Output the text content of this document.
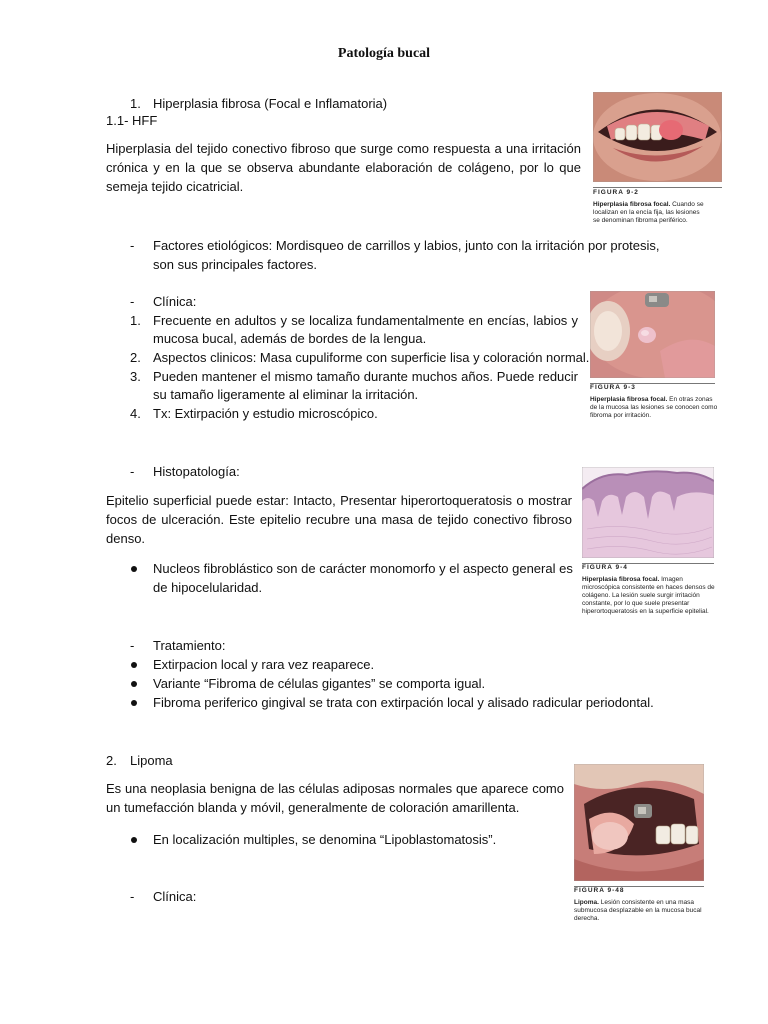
Patología bucal
1. Hiperplasia fibrosa (Focal e Inflamatoria)
1.1- HFF
Hiperplasia del tejido conectivo fibroso que surge como respuesta a una irritación crónica y en la que se observa abundante elaboración de colágeno, por lo que semeja tejido cicatricial.
- Factores etiológicos: Mordisqueo de carrillos y labios, junto con la irritación por protesis,
son sus principales factores.
- Clínica:
1. Frecuente en adultos y se localiza fundamentalmente en encías, labios y
mucosa bucal, además de bordes de la lengua.
2. Aspectos clinicos: Masa cupuliforme con superficie lisa y coloración normal.
3. Pueden mantener el mismo tamaño durante muchos años. Puede reducir
su tamaño ligeramente al eliminar la irritación.
4. Tx: Extirpación y estudio microscópico.
- Histopatología:
Epitelio superficial puede estar: Intacto, Presentar hiperortoqueratosis o mostrar focos de ulceración. Este epitelio recubre una masa de tejido conectivo fibroso denso.
Nucleos fibroblástico son de carácter monomorfo y el aspecto general es
de hipocelularidad.
- Tratamiento:
Extirpacion local y rara vez reaparece.
Variante “Fibroma de células gigantes” se comporta igual.
Fibroma periferico gingival se trata con extirpación local y alisado radicular periodontal.
2. Lipoma
Es una neoplasia benigna de las células adiposas normales que aparece como un tumefacción blanda y móvil, generalmente de coloración amarillenta.
En localización multiples, se denomina “Lipoblastomatosis”.
- Clínica:
FIGURA 9-2
Hiperplasia fibrosa focal. Cuando se
localizan en la encía fija, las lesiones
se denominan fibroma periférico.
FIGURA 9-3
Hiperplasia fibrosa focal. En otras zonas
de la mucosa las lesiones se conocen como
fibroma por irritación.
FIGURA 9-4
Hiperplasia fibrosa focal. Imagen
microscópica consistente en haces densos de
colágeno. La lesión suele surgir irritación
constante, por lo que suele presentar
hiperortoqueratosis en la superficie epitelial.
FIGURA 9-48
Lipoma. Lesión consistente en una masa
submucosa desplazable en la mucosa bucal
derecha.
